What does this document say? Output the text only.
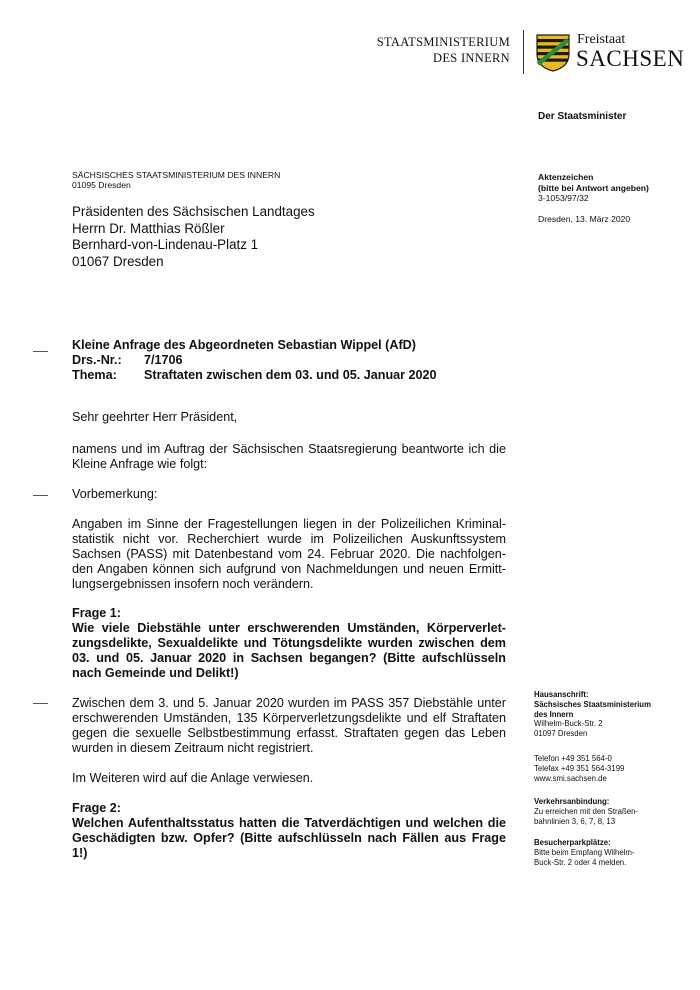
STAATSMINISTERIUM
DES INNERN
Freistaat
SACHSEN
Der Staatsminister
SÄCHSISCHES STAATSMINISTERIUM DES INNERN
01095 Dresden
Präsidenten des Sächsischen Landtages
Herrn Dr. Matthias Rößler
Bernhard-von-Lindenau-Platz 1
01067 Dresden
Aktenzeichen
(bitte bei Antwort angeben)
3-1053/97/32
Dresden, 13. März 2020
Kleine Anfrage des Abgeordneten Sebastian Wippel (AfD)
Drs.-Nr.: 7/1706
Thema: Straftaten zwischen dem 03. und 05. Januar 2020
Sehr geehrter Herr Präsident,
namens und im Auftrag der Sächsischen Staatsregierung beantworte ich die Kleine Anfrage wie folgt:
Vorbemerkung:
Angaben im Sinne der Fragestellungen liegen in der Polizeilichen Kriminalstatistik nicht vor. Recherchiert wurde im Polizeilichen Auskunftssystem Sachsen (PASS) mit Datenbestand vom 24. Februar 2020. Die nachfolgenden Angaben können sich aufgrund von Nachmeldungen und neuen Ermittlungsergebnissen insofern noch verändern.
Frage 1:
Wie viele Diebstähle unter erschwerenden Umständen, Körperverletzungsdelikte, Sexualdelikte und Tötungsdelikte wurden zwischen dem 03. und 05. Januar 2020 in Sachsen begangen? (Bitte aufschlüsseln nach Gemeinde und Delikt!)
Zwischen dem 3. und 5. Januar 2020 wurden im PASS 357 Diebstähle unter erschwerenden Umständen, 135 Körperverletzungsdelikte und elf Straftaten gegen die sexuelle Selbstbestimmung erfasst. Straftaten gegen das Leben wurden in diesem Zeitraum nicht registriert.
Im Weiteren wird auf die Anlage verwiesen.
Frage 2:
Welchen Aufenthaltsstatus hatten die Tatverdächtigen und welchen die Geschädigten bzw. Opfer? (Bitte aufschlüsseln nach Fällen aus Frage 1!)
Hausanschrift:
Sächsisches Staatsministerium
des Innern
Wilhelm-Buck-Str. 2
01097 Dresden
Telefon +49 351 564-0
Telefax +49 351 564-3199
www.smi.sachsen.de
Verkehrsanbindung:
Zu erreichen mit den Straßen-
bahnlinien 3, 6, 7, 8, 13
Besucherparkplätze:
Bitte beim Empfang Wilhelm-
Buck-Str. 2 oder 4 melden.
